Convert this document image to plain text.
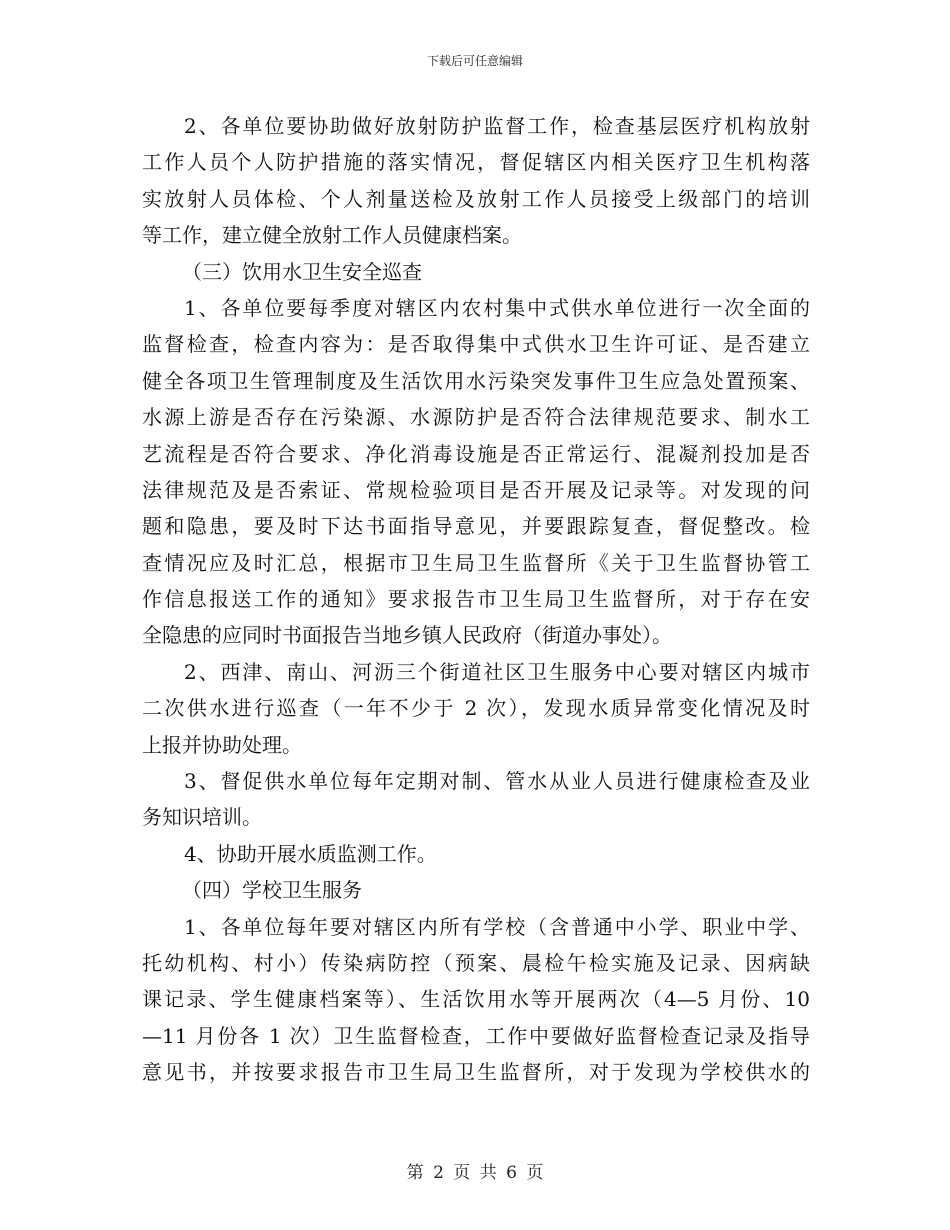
下载后可任意编辑
2、各单位要协助做好放射防护监督工作，检查基层医疗机构放射
工作人员个人防护措施的落实情况，督促辖区内相关医疗卫生机构落
实放射人员体检、个人剂量送检及放射工作人员接受上级部门的培训
等工作，建立健全放射工作人员健康档案。
（三）饮用水卫生安全巡查
1、各单位要每季度对辖区内农村集中式供水单位进行一次全面的
监督检查，检查内容为：是否取得集中式供水卫生许可证、是否建立
健全各项卫生管理制度及生活饮用水污染突发事件卫生应急处置预案、
水源上游是否存在污染源、水源防护是否符合法律规范要求、制水工
艺流程是否符合要求、净化消毒设施是否正常运行、混凝剂投加是否
法律规范及是否索证、常规检验项目是否开展及记录等。对发现的问
题和隐患，要及时下达书面指导意见，并要跟踪复查，督促整改。检
查情况应及时汇总，根据市卫生局卫生监督所《关于卫生监督协管工
作信息报送工作的通知》要求报告市卫生局卫生监督所，对于存在安
全隐患的应同时书面报告当地乡镇人民政府（街道办事处）。
2、西津、南山、河沥三个街道社区卫生服务中心要对辖区内城市
二次供水进行巡查（一年不少于 2 次），发现水质异常变化情况及时
上报并协助处理。
3、督促供水单位每年定期对制、管水从业人员进行健康检查及业
务知识培训。
4、协助开展水质监测工作。
（四）学校卫生服务
1、各单位每年要对辖区内所有学校（含普通中小学、职业中学、
托幼机构、村小）传染病防控（预案、晨检午检实施及记录、因病缺
课记录、学生健康档案等）、生活饮用水等开展两次（4—5 月份、10
—11 月份各 1 次）卫生监督检查，工作中要做好监督检查记录及指导
意见书，并按要求报告市卫生局卫生监督所，对于发现为学校供水的
第 2 页 共 6 页
